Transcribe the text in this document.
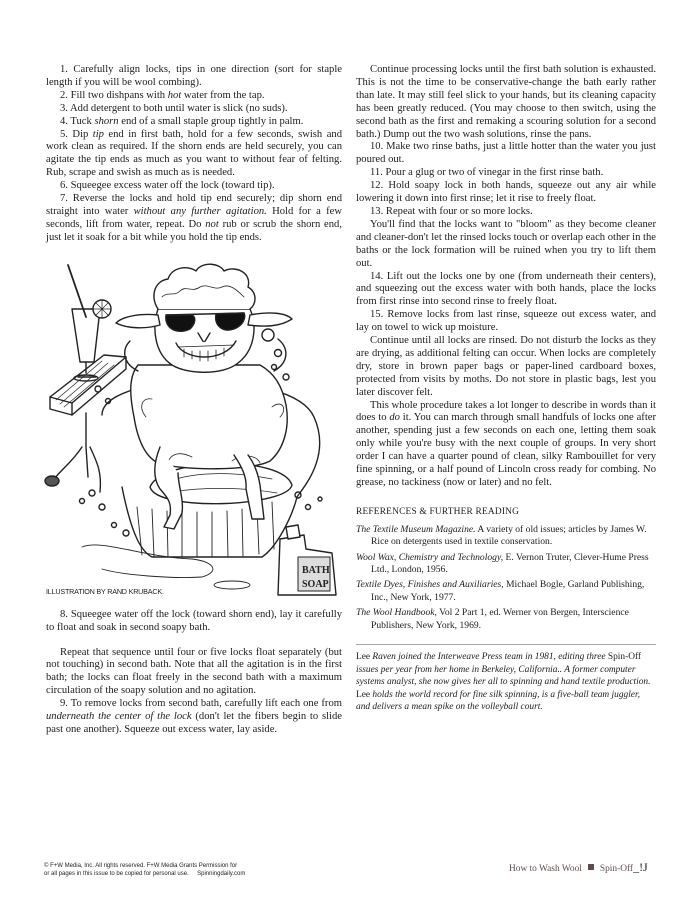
1. Carefully align locks, tips in one direction (sort for staple length if you will be wool combing).

2. Fill two dishpans with hot water from the tap.

3. Add detergent to both until water is slick (no suds).

4. Tuck shorn end of a small staple group tightly in palm.

5. Dip tip end in first bath, hold for a few seconds, swish and work clean as required. If the shorn ends are held securely, you can agitate the tip ends as much as you want to without fear of felting. Rub, scrape and swish as much as is needed.

6. Squeegee excess water off the lock (toward tip).

7. Reverse the locks and hold tip end securely; dip shorn end straight into water without any further agitation. Hold for a few seconds, lift from water, repeat. Do not rub or scrub the shorn end, just let it soak for a bit while you hold the tip ends.

BATH
SOAP
ILLUSTRATION BY RAND KRUBACK.

8. Squeegee water off the lock (toward shorn end), lay it carefully to float and soak in second soapy bath.

Repeat that sequence until four or five locks float separately (but not touching) in second bath. Note that all the agitation is in the first bath; the locks can float freely in the second bath with a maximum circulation of the soapy solution and no agitation.

9. To remove locks from second bath, carefully lift each one from underneath the center of the lock (don't let the fibers begin to slide past one another). Squeeze out excess water, lay aside.

Continue processing locks until the first bath solution is exhausted. This is not the time to be conservative-change the bath early rather than late. It may still feel slick to your hands, but its cleaning capacity has been greatly reduced. (You may choose to then switch, using the second bath as the first and remaking a scouring solution for a second bath.) Dump out the two wash solutions, rinse the pans.

10. Make two rinse baths, just a little hotter than the water you just poured out.

11. Pour a glug or two of vinegar in the first rinse bath.

12. Hold soapy lock in both hands, squeeze out any air while lowering it down into first rinse; let it rise to freely float.

13. Repeat with four or so more locks.

You'll find that the locks want to "bloom" as they become cleaner and cleaner-don't let the rinsed locks touch or overlap each other in the baths or the lock formation will be ruined when you try to lift them out.

14. Lift out the locks one by one (from underneath their centers), and squeezing out the excess water with both hands, place the locks from first rinse into second rinse to freely float.

15. Remove locks from last rinse, squeeze out excess water, and lay on towel to wick up moisture.

Continue until all locks are rinsed. Do not disturb the locks as they are drying, as additional felting can occur. When locks are completely dry, store in brown paper bags or paper-lined cardboard boxes, protected from visits by moths. Do not store in plastic bags, lest you later discover felt.

This whole procedure takes a lot longer to describe in words than it does to do it. You can march through small handfuls of locks one after another, spending just a few seconds on each one, letting them soak only while you're busy with the next couple of groups. In very short order I can have a quarter pound of clean, silky Rambouillet for very fine spinning, or a half pound of Lincoln cross ready for combing. No grease, no tackiness (now or later) and no felt.

REFERENCES & FURTHER READING

The Textile Museum Magazine. A variety of old issues; articles by James W. Rice on detergents used in textile conservation.

Wool Wax, Chemistry and Technology, E. Vernon Truter, Clever-Hume Press Ltd., London, 1956.

Textile Dyes, Finishes and Auxiliaries, Michael Bogle, Garland Publishing, Inc., New York, 1977.

The Wool Handbook, Vol 2 Part 1, ed. Werner von Bergen, Interscience Publishers, New York, 1969.

Lee Raven joined the Interweave Press team in 1981, editing three Spin-Off issues per year from her home in Berkeley, California.. A former computer systems analyst, she now gives her all to spinning and hand textile production. Lee holds the world record for fine silk spinning, is a five-ball team juggler, and delivers a mean spike on the volleyball court.

© F+W Media, Inc. All rights reserved. F+W Media Grants Permission for
or all pages in this issue to be copied for personal use. Spinningdaily.com	How to Wash Wool Spin-Off_!J
